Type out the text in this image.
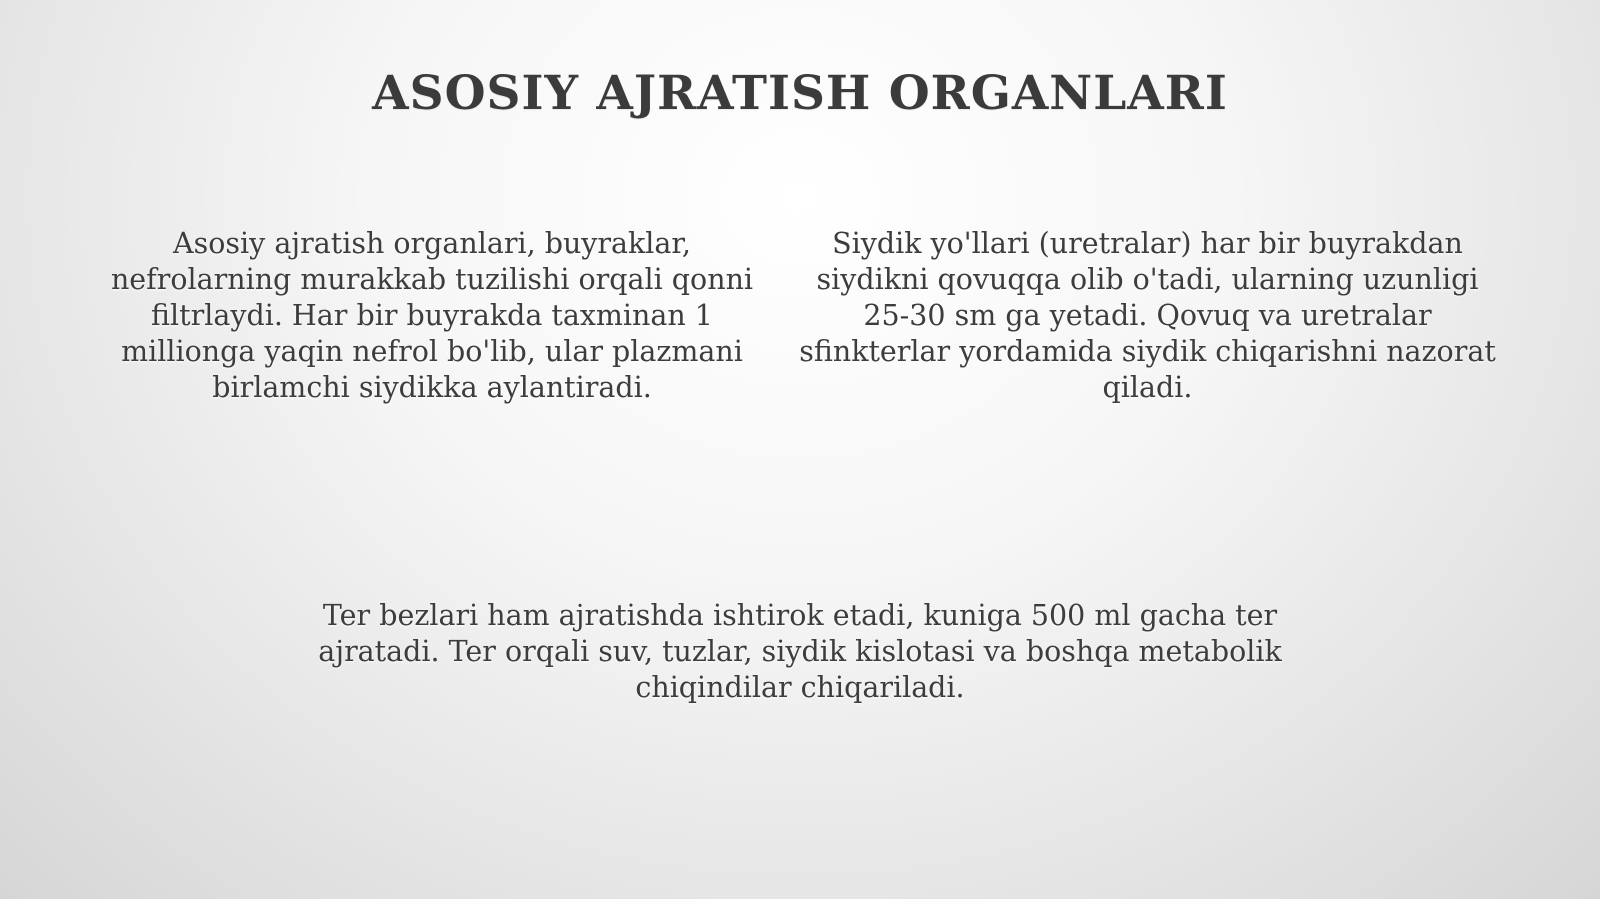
ASOSIY AJRATISH ORGANLARI

Asosiy ajratish organlari, buyraklar, nefrolarning murakkab tuzilishi orqali qonni filtrlaydi. Har bir buyrakda taxminan 1 millionga yaqin nefrol bo'lib, ular plazmani birlamchi siydikka aylantiradi.

Siydik yo'llari (uretralar) har bir buyrakdan siydikni qovuqqa olib o'tadi, ularning uzunligi 25-30 sm ga yetadi. Qovuq va uretralar sfinkterlar yordamida siydik chiqarishni nazorat qiladi.

Ter bezlari ham ajratishda ishtirok etadi, kuniga 500 ml gacha ter ajratadi. Ter orqali suv, tuzlar, siydik kislotasi va boshqa metabolik chiqindilar chiqariladi.
